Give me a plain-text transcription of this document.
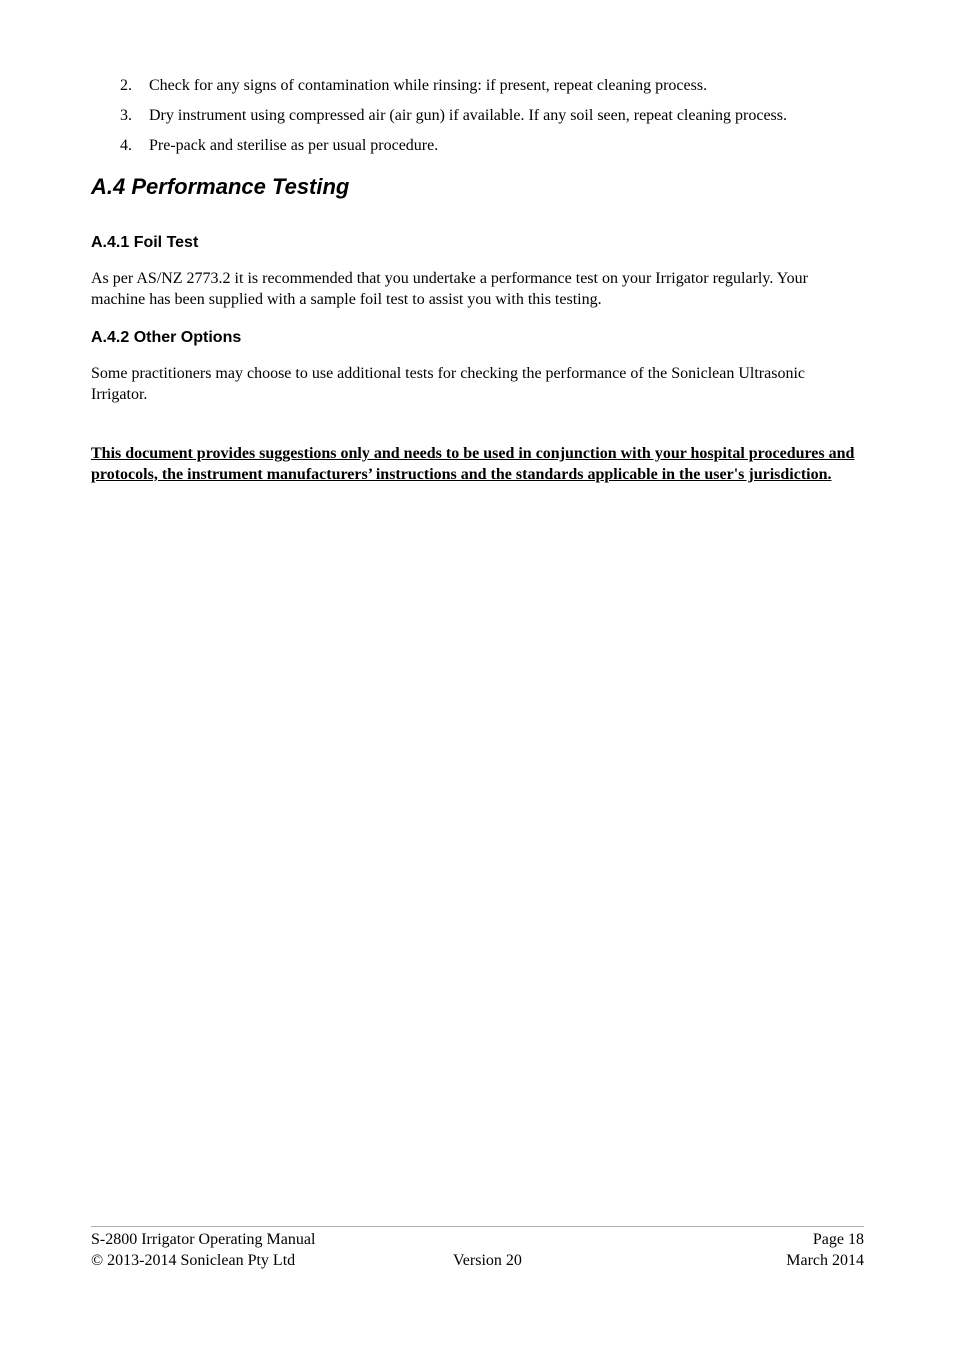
2. Check for any signs of contamination while rinsing: if present, repeat cleaning process.
3. Dry instrument using compressed air (air gun) if available. If any soil seen, repeat cleaning process.
4. Pre-pack and sterilise as per usual procedure.
A.4 Performance Testing
A.4.1 Foil Test

As per AS/NZ 2773.2 it is recommended that you undertake a performance test on your Irrigator regularly. Your machine has been supplied with a sample foil test to assist you with this testing.

A.4.2 Other Options

Some practitioners may choose to use additional tests for checking the performance of the Soniclean Ultrasonic Irrigator.

This document provides suggestions only and needs to be used in conjunction with your hospital procedures and protocols, the instrument manufacturers’ instructions and the standards applicable in the user's jurisdiction.

S-2800 Irrigator Operating Manual	Page 18
© 2013-2014 Soniclean Pty Ltd	Version 20	March 2014
